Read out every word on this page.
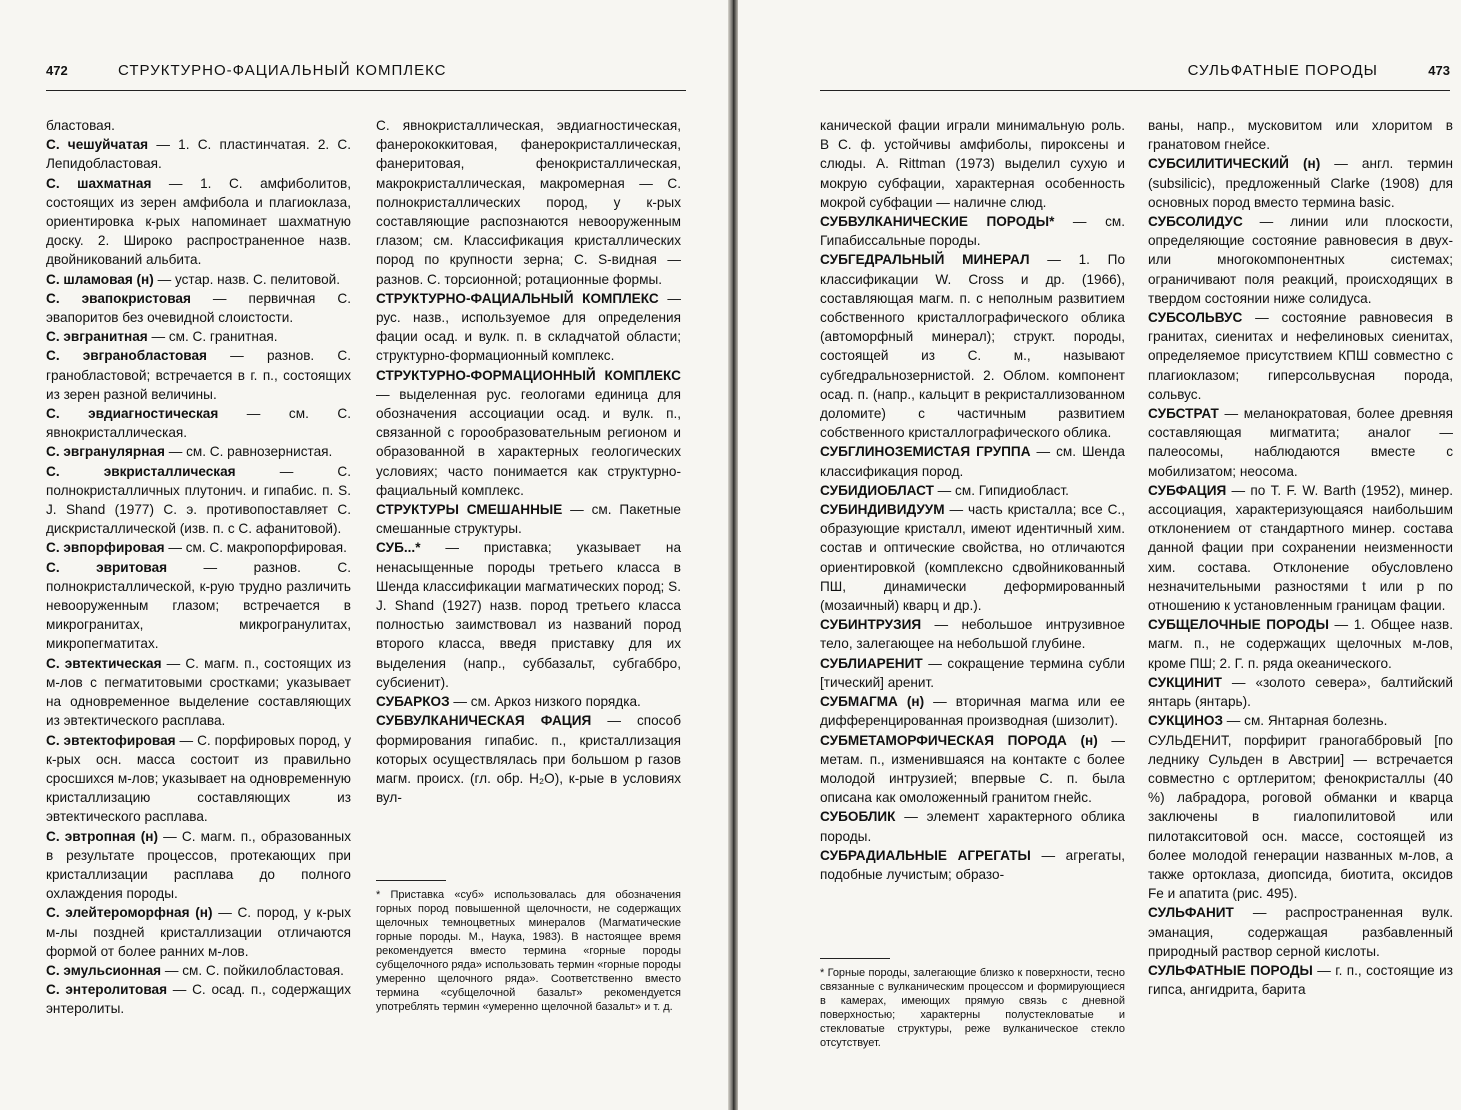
472	СТРУКТУРНО-ФАЦИАЛЬНЫЙ КОМПЛЕКС

бластовая.

С. чешуйчатая — 1. С. пластинчатая. 2. С. Лепидобластовая.

С. шахматная — 1. С. амфиболитов, состоящих из зерен амфибола и плагиоклаза, ориентировка к-рых напоминает шахматную доску. 2. Широко распространенное назв. двойникований альбита.

С. шламовая (н) — устар. назв. С. пелитовой.

С. эвапокристовая — первичная С. эвапоритов без очевидной слоистости.

С. эвгранитная — см. С. гранитная.

С. эвгранобластовая — разнов. С. гранобластовой; встречается в г. п., состоящих из зерен разной величины.

С. эвдиагностическая — см. С. явнокристаллическая.

С. эвгранулярная — см. С. равнозернистая.

С. эвкристаллическая — С. полнокристалличных плутонич. и гипабис. п. S. J. Shand (1977) С. э. противопоставляет С. дискристаллической (изв. п. с С. афанитовой).

С. эвпорфировая — см. С. макропорфировая.

С. эвритовая — разнов. С. полнокристаллической, к-рую трудно различить невооруженным глазом; встречается в микрогранитах, микрогранулитах, микропегматитах.

С. эвтектическая — С. магм. п., состоящих из м-лов с пегматитовыми сростками; указывает на одновременное выделение составляющих из эвтектического расплава.

С. эвтектофировая — С. порфировых пород, у к-рых осн. масса состоит из правильно сросшихся м-лов; указывает на одновременную кристаллизацию составляющих из эвтектического расплава.

С. эвтропная (н) — С. магм. п., образованных в результате процессов, протекающих при кристаллизации расплава до полного охлаждения породы.

С. элейтероморфная (н) — С. пород, у к-рых м-лы поздней кристаллизации отличаются формой от более ранних м-лов.

С. эмульсионная — см. С. пойкилобластовая.

С. энтеролитовая — С. осад. п., содержащих энтеролиты.

С. явнокристаллическая, эвдиагностическая, фанерококкитовая, фанерокристаллическая, фанеритовая, фенокристаллическая, макрокристаллическая, макромерная — С. полнокристаллических пород, у к-рых составляющие распознаются невооруженным глазом; см. Классификация кристаллических пород по крупности зерна; С. S-видная — разнов. С. торсионной; ротационные формы.

СТРУКТУРНО-ФАЦИАЛЬНЫЙ КОМПЛЕКС — рус. назв., используемое для определения фации осад. и вулк. п. в складчатой области; структурно-формационный комплекс.

СТРУКТУРНО-ФОРМАЦИОННЫЙ КОМПЛЕКС — выделенная рус. геологами единица для обозначения ассоциации осад. и вулк. п., связанной с горообразовательным регионом и образованной в характерных геологических условиях; часто понимается как структурно-фациальный комплекс.

СТРУКТУРЫ СМЕШАННЫЕ — см. Пакетные смешанные структуры.

СУБ...* — приставка; указывает на ненасыщенные породы третьего класса в Шенда классификации магматических пород; S. J. Shand (1927) назв. пород третьего класса полностью заимствовал из названий пород второго класса, введя приставку для их выделения (напр., суббазальт, субгаббро, субсиенит).

СУБАРКОЗ — см. Аркоз низкого порядка.

СУБВУЛКАНИЧЕСКАЯ ФАЦИЯ — способ формирования гипабис. п., кристаллизация которых осуществлялась при большом p газов магм. происх. (гл. обр. H₂O), к-рые в условиях вул-

* Приставка «суб» использовалась для обозначения горных пород повышенной щелочности, не содержащих щелочных темноцветных минералов (Магматические горные породы. М., Наука, 1983). В настоящее время рекомендуется вместо термина «горные породы субщелочного ряда» использовать термин «горные породы умеренно щелочного ряда». Соответственно вместо термина «субщелочной базальт» рекомендуется употреблять термин «умеренно щелочной базальт» и т. д.
СУЛЬФАТНЫЕ ПОРОДЫ	473

канической фации играли минимальную роль. В С. ф. устойчивы амфиболы, пироксены и слюды. A. Rittman (1973) выделил сухую и мокрую субфации, характерная особенность мокрой субфации — наличне слюд.

СУБВУЛКАНИЧЕСКИЕ ПОРОДЫ* — см. Гипабиссальные породы.

СУБГЕДРАЛЬНЫЙ МИНЕРАЛ — 1. По классификации W. Cross и др. (1966), составляющая магм. п. с неполным развитием собственного кристаллографического облика (автоморфный минерал); структ. породы, состоящей из С. м., называют субгедральнозернистой. 2. Облом. компонент осад. п. (напр., кальцит в рекристаллизованном доломите) с частичным развитием собственного кристаллографического облика.

СУБГЛИНОЗЕМИСТАЯ ГРУППА — см. Шенда классификация пород.

СУБИДИОБЛАСТ — см. Гипидиобласт.

СУБИНДИВИДУУМ — часть кристалла; все С., образующие кристалл, имеют идентичный хим. состав и оптические свойства, но отличаются ориентировкой (комплексно сдвойникованный ПШ, динамически деформированный (мозаичный) кварц и др.).

СУБИНТРУЗИЯ — небольшое интрузивное тело, залегающее на небольшой глубине.

СУБЛИАРЕНИТ — сокращение термина субли [тический] аренит.

СУБМАГМА (н) — вторичная магма или ее дифференцированная производная (шизолит).

СУБМЕТАМОРФИЧЕСКАЯ ПОРОДА (н) — метам. п., изменившаяся на контакте с более молодой интрузией; впервые С. п. была описана как омоложенный гранитом гнейс.

СУБОБЛИК — элемент характерного облика породы.

СУБРАДИАЛЬНЫЕ АГРЕГАТЫ — агрегаты, подобные лучистым; образо-

ваны, напр., мусковитом или хлоритом в гранатовом гнейсе.

СУБСИЛИТИЧЕСКИЙ (н) — англ. термин (subsilicic), предложенный Clarke (1908) для основных пород вместо термина basic.

СУБСОЛИДУС — линии или плоскости, определяющие состояние равновесия в двух- или многокомпонентных системах; ограничивают поля реакций, происходящих в твердом состоянии ниже солидуса.

СУБСОЛЬВУС — состояние равновесия в гранитах, сиенитах и нефелиновых сиенитах, определяемое присутствием КПШ совместно с плагиоклазом; гиперсольвусная порода, сольвус.

СУБСТРАТ — меланократовая, более древняя составляющая мигматита; аналог — палеосомы, наблюдаются вместе с мобилизатом; неосома.

СУБФАЦИЯ — по T. F. W. Barth (1952), минер. ассоциация, характеризующаяся наибольшим отклонением от стандартного минер. состава данной фации при сохранении неизменности хим. состава. Отклонение обусловлено незначительными разностями t или p по отношению к установленным границам фации.

СУБЩЕЛОЧНЫЕ ПОРОДЫ — 1. Общее назв. магм. п., не содержащих щелочных м-лов, кроме ПШ; 2. Г. п. ряда океанического.

СУКЦИНИТ — «золото севера», балтийский янтарь (янтарь).

СУКЦИНОЗ — см. Янтарная болезнь.

СУЛЬДЕНИТ, порфирит граногаббровый [по леднику Сульден в Австрии] — встречается совместно с ортлеритом; фенокристаллы (40 %) лабрадора, роговой обманки и кварца заключены в гиалопилитовой или пилотакситовой осн. массе, состоящей из более молодой генерации названных м-лов, а также ортоклаза, диопсида, биотита, оксидов Fe и апатита (рис. 495).

СУЛЬФАНИТ — распространенная вулк. эманация, содержащая разбавленный природный раствор серной кислоты.

СУЛЬФАТНЫЕ ПОРОДЫ — г. п., состоящие из гипса, ангидрита, барита

* Горные породы, залегающие близко к поверхности, тесно связанные с вулканическим процессом и формирующиеся в камерах, имеющих прямую связь с дневной поверхностью; характерны полустекловатые и стекловатые структуры, реже вулканическое стекло отсутствует.
